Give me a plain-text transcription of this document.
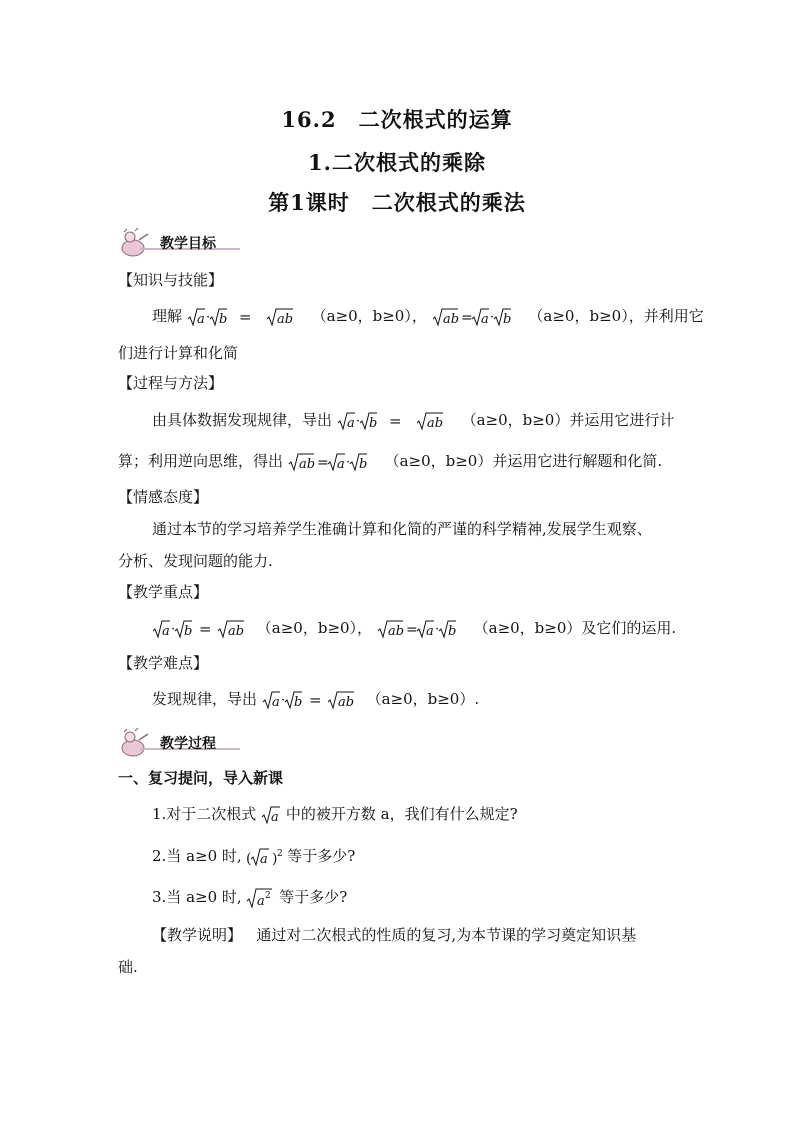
16.2　二次根式的运算
1.二次根式的乘除
第1课时　二次根式的乘法
教学目标
【知识与技能】
理解 a · b = ab （a≥0，b≥0）， ab = a · b （a≥0，b≥0），并利用它
们进行计算和化简
【过程与方法】
由具体数据发现规律，导出 a · b = ab （a≥0，b≥0）并运用它进行计
算；利用逆向思维，得出 ab = a · b （a≥0，b≥0）并运用它进行解题和化简.
【情感态度】
通过本节的学习培养学生准确计算和化简的严谨的科学精神,发展学生观察、
分析、发现问题的能力.
【教学重点】
a · b = ab （a≥0，b≥0）， ab = a · b （a≥0，b≥0）及它们的运用.
【教学难点】
发现规律，导出 a · b = ab （a≥0，b≥0）.
教学过程
一、复习提问，导入新课
1.对于二次根式 a 中的被开方数 a，我们有什么规定?
2.当 a≥0 时, ( ) 2
a 等于多少?
3.当 a≥0 时, a 2 等于多少?
【教学说明】 通过对二次根式的性质的复习,为本节课的学习奠定知识基
础.
